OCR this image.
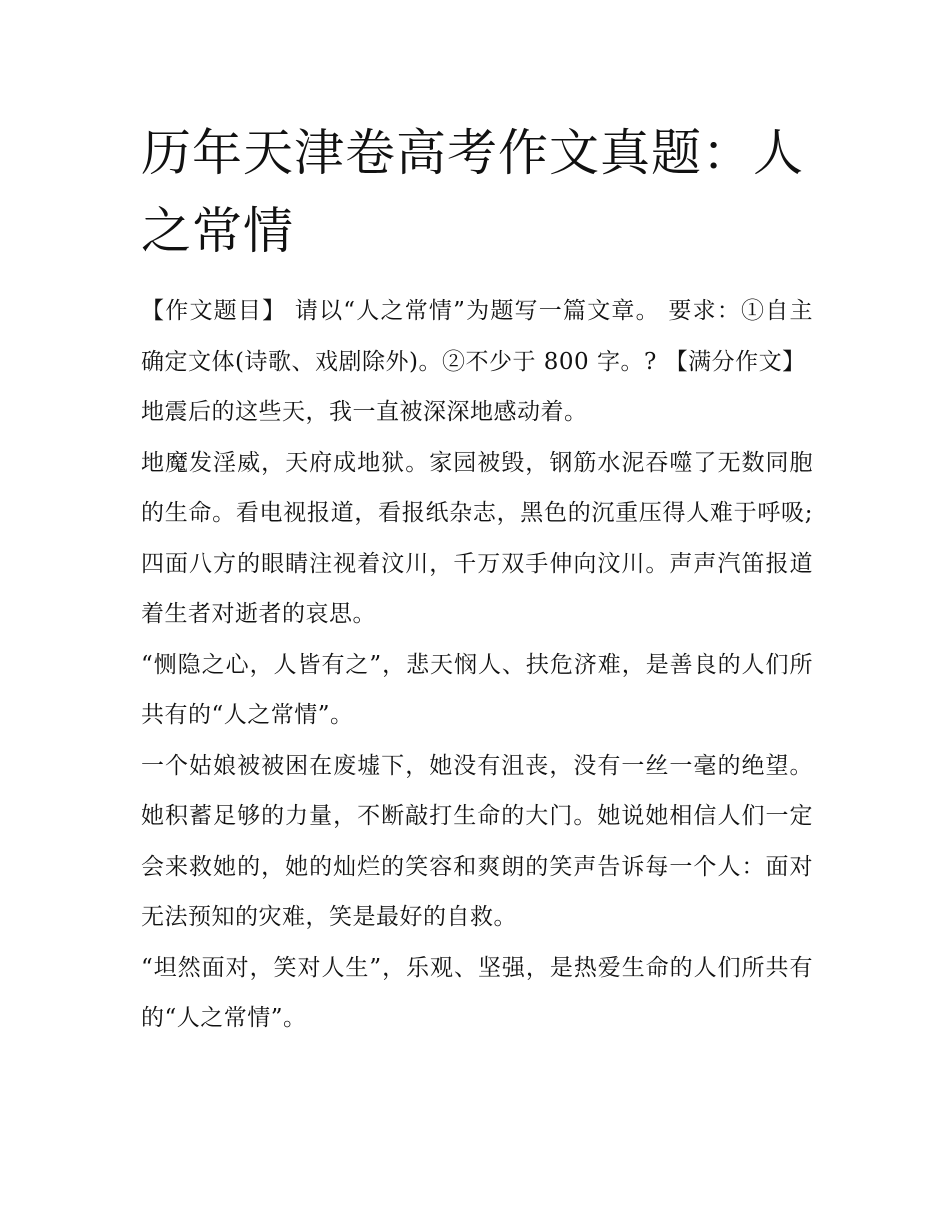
历年天津卷高考作文真题：人之常情

【作文题目】 请以“人之常情”为题写一篇文章。 要求：①自主确定文体(诗歌、戏剧除外)。②不少于 800 字。? 【满分作文】

地震后的这些天，我一直被深深地感动着。

地魔发淫威，天府成地狱。家园被毁，钢筋水泥吞噬了无数同胞的生命。看电视报道，看报纸杂志，黑色的沉重压得人难于呼吸;四面八方的眼睛注视着汶川，千万双手伸向汶川。声声汽笛报道着生者对逝者的哀思。

“恻隐之心，人皆有之”，悲天悯人、扶危济难，是善良的人们所共有的“人之常情”。

一个姑娘被被困在废墟下，她没有沮丧，没有一丝一毫的绝望。她积蓄足够的力量，不断敲打生命的大门。她说她相信人们一定会来救她的，她的灿烂的笑容和爽朗的笑声告诉每一个人：面对无法预知的灾难，笑是最好的自救。

“坦然面对，笑对人生”，乐观、坚强，是热爱生命的人们所共有的“人之常情”。
